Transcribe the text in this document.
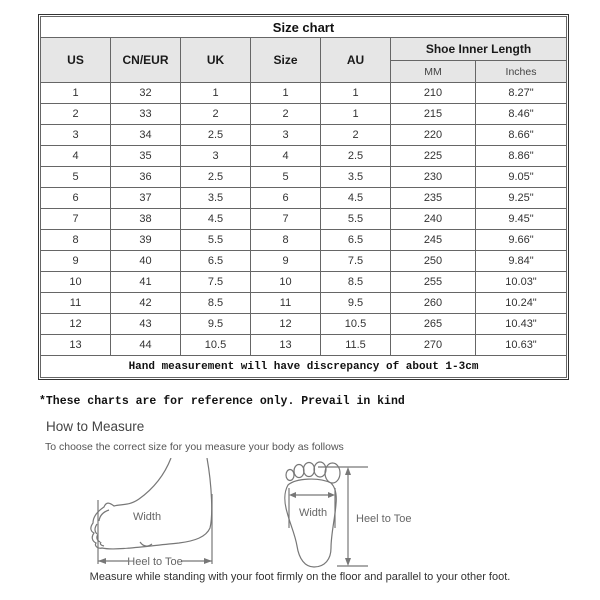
Size chart						
US	CN/EUR	UK	Size	AU	Shoe Inner Length	
					MM	Inches
1	32	1	1	1	210	8.27"
2	33	2	2	1	215	8.46"
3	34	2.5	3	2	220	8.66"
4	35	3	4	2.5	225	8.86"
5	36	2.5	5	3.5	230	9.05"
6	37	3.5	6	4.5	235	9.25"
7	38	4.5	7	5.5	240	9.45"
8	39	5.5	8	6.5	245	9.66"
9	40	6.5	9	7.5	250	9.84"
10	41	7.5	10	8.5	255	10.03"
11	42	8.5	11	9.5	260	10.24"
12	43	9.5	12	10.5	265	10.43"
13	44	10.5	13	11.5	270	10.63"
Hand measurement will have discrepancy of about 1-3cm						
*These charts are for reference only. Prevail in kind
How to Measure
To choose the correct size for you measure your body as follows
Width
Heel to Toe
Width	Heel to Toe
Measure while standing with your foot firmly on the floor and parallel to your other foot.
